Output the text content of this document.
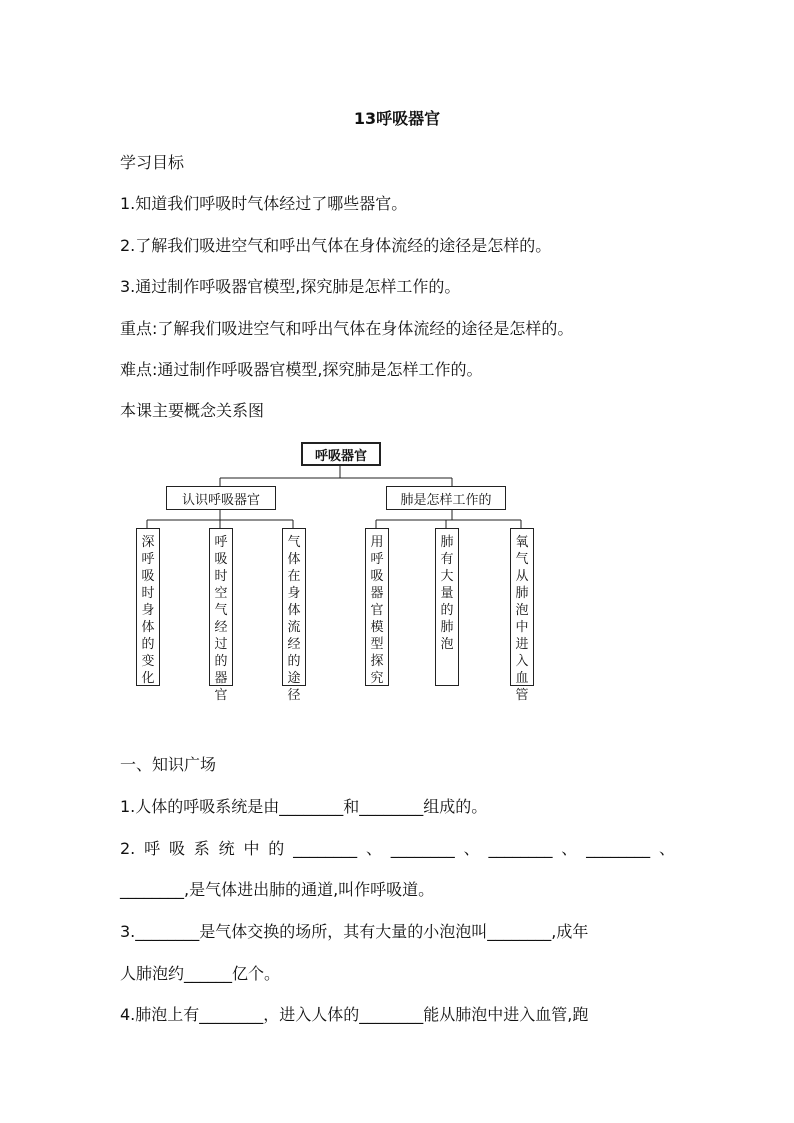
13呼吸器官
学习目标
1.知道我们呼吸时气体经过了哪些器官。
2.了解我们吸进空气和呼出气体在身体流经的途径是怎样的。
3.通过制作呼吸器官模型,探究肺是怎样工作的。
重点:了解我们吸进空气和呼出气体在身体流经的途径是怎样的。
难点:通过制作呼吸器官模型,探究肺是怎样工作的。
本课主要概念关系图
呼吸器官
认识呼吸器官	肺是怎样工作的
深呼吸时身体的变化
呼吸时空气经过的器官
气体在身体流经的途径
用呼吸器官模型探究
肺有大量的肺泡
氧气从肺泡中进入血管
一、知识广场
1.人体的呼吸系统是由________和________组成的。
2.呼吸系统中的________、________、________、________、
________,是气体进出肺的通道,叫作呼吸道。
3.________是气体交换的场所，其有大量的小泡泡叫________,成年
人肺泡约______亿个。
4.肺泡上有________，进入人体的________能从肺泡中进入血管,跑
